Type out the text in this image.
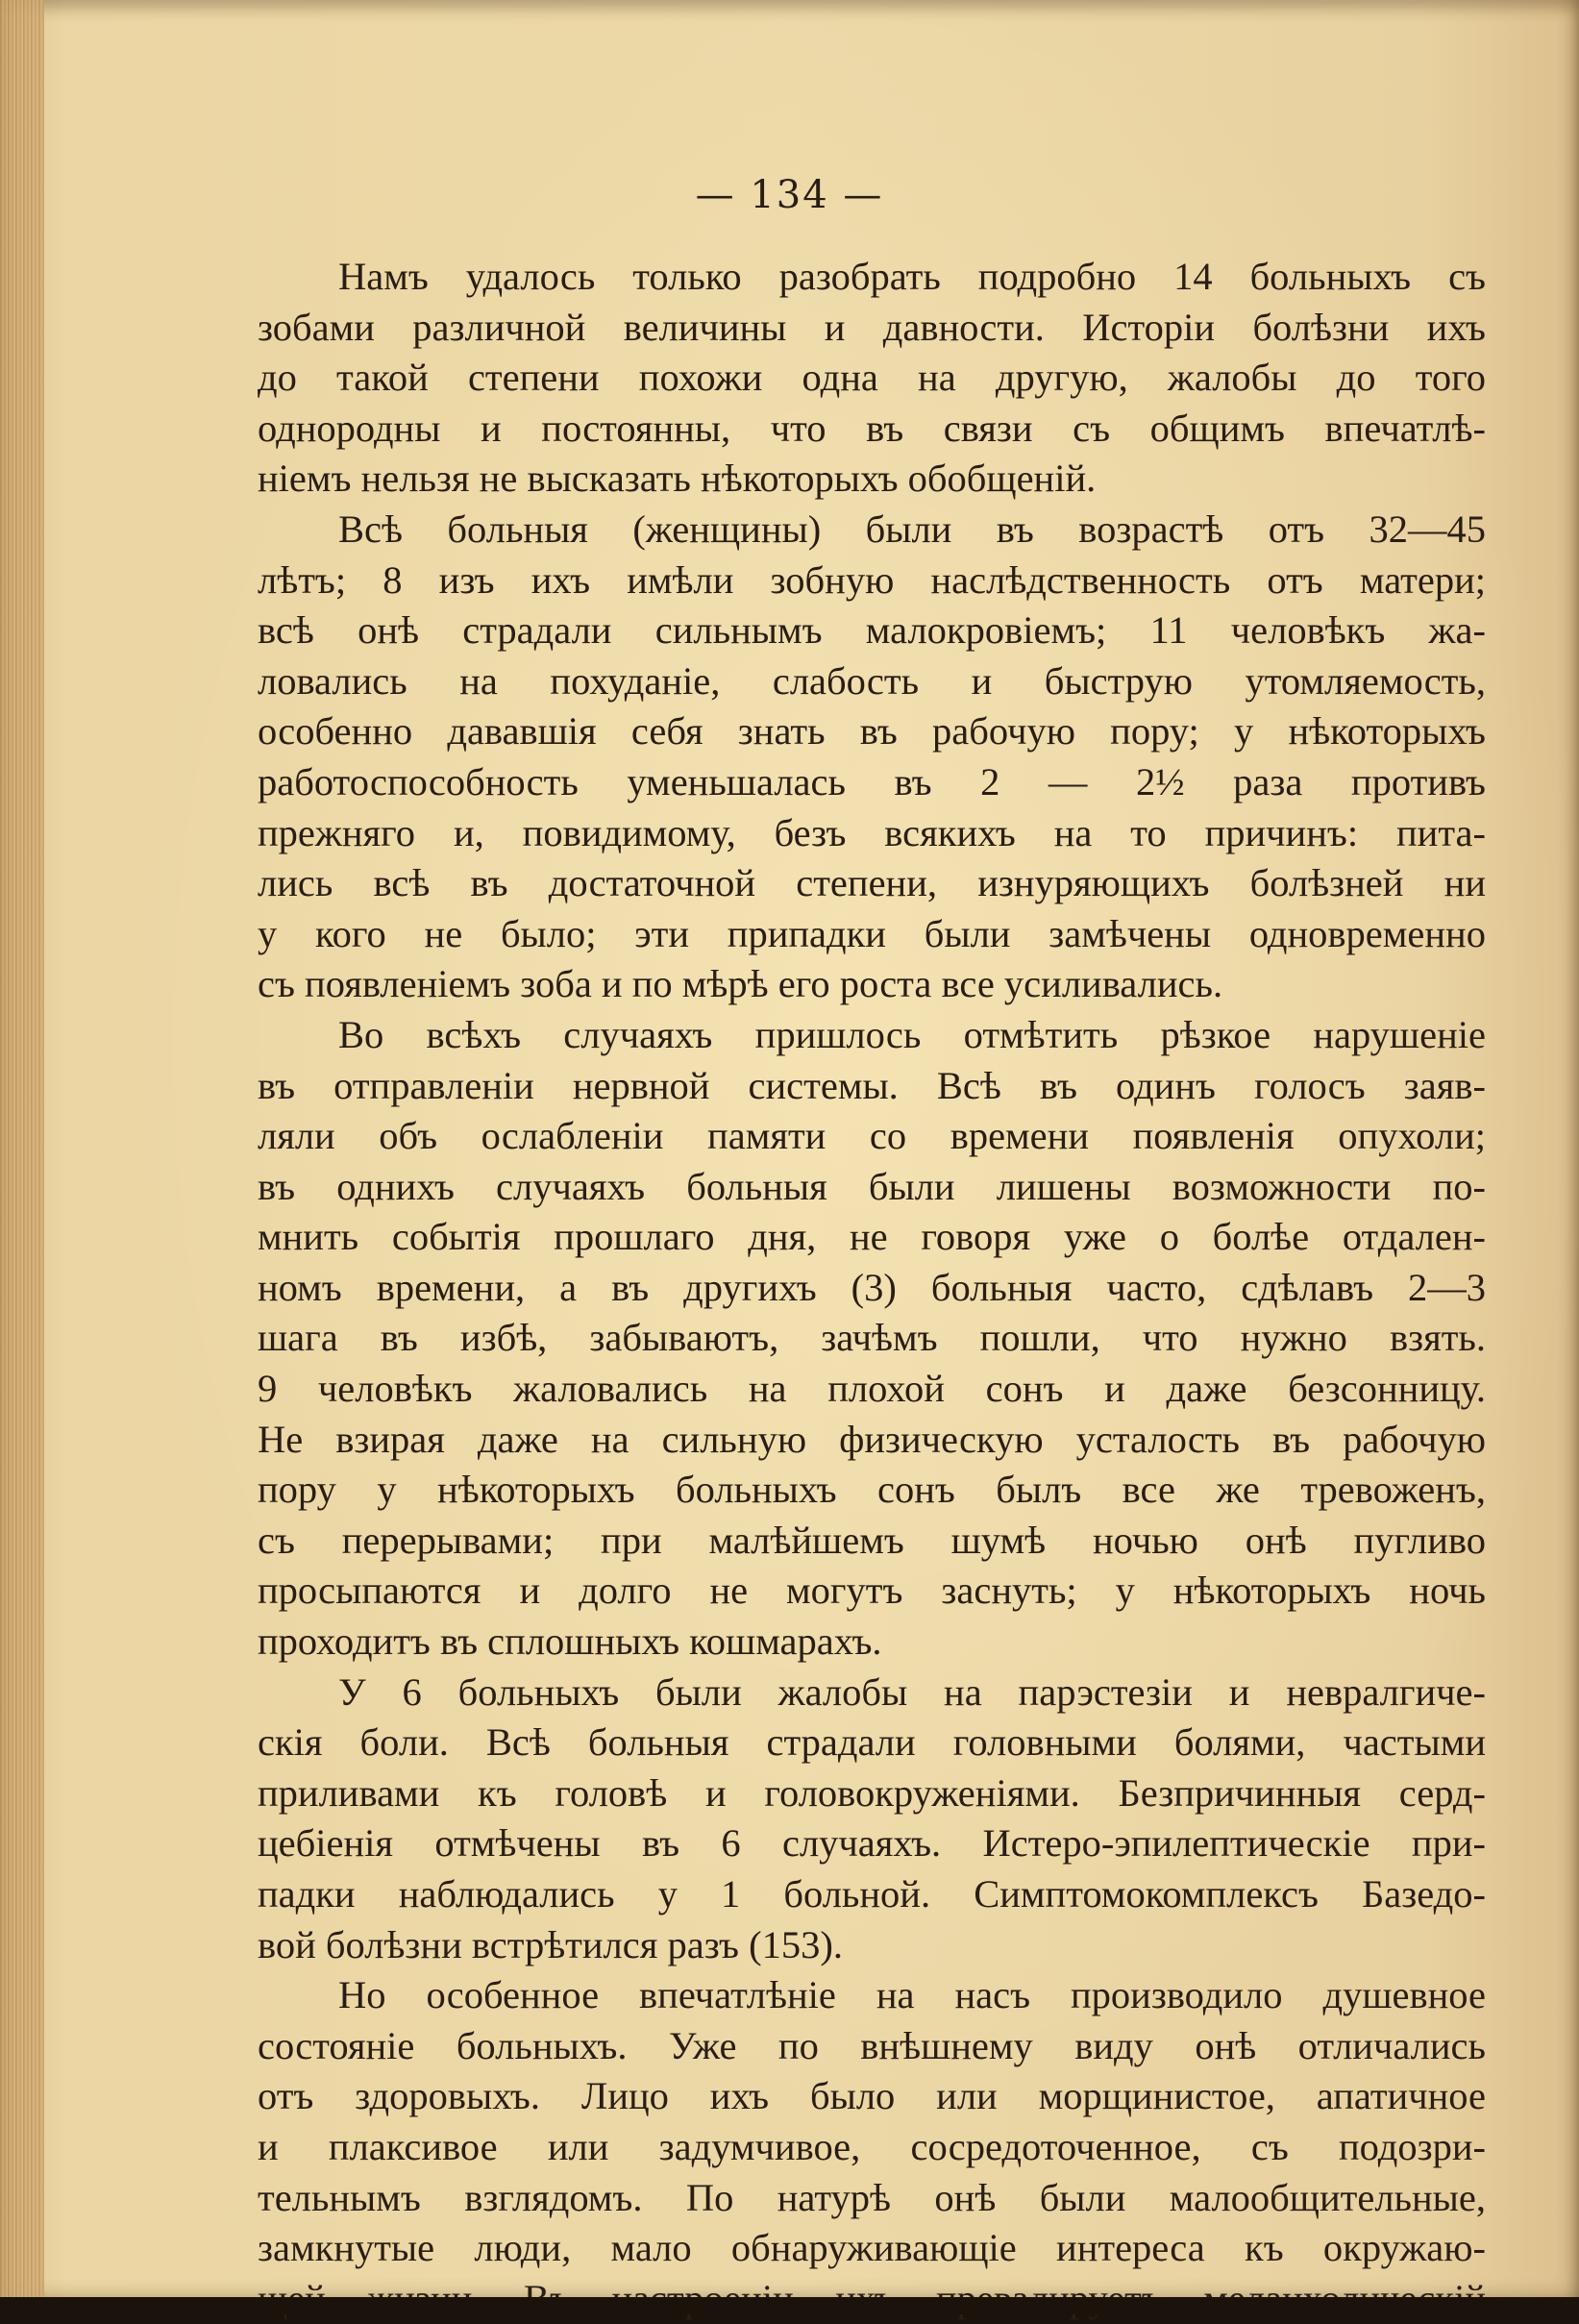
— 134 —
Намъ удалось только разобрать подробно 14 больныхъ съ
зобами различной величины и давности. Исторіи болѣзни ихъ
до такой степени похожи одна на другую, жалобы до того
однородны и постоянны, что въ связи съ общимъ впечатлѣ-
ніемъ нельзя не высказать нѣкоторыхъ обобщеній.
Всѣ больныя (женщины) были въ возрастѣ отъ 32—45
лѣтъ; 8 изъ ихъ имѣли зобную наслѣдственность отъ матери;
всѣ онѣ страдали сильнымъ малокровіемъ; 11 человѣкъ жа-
ловались на похуданіе, слабость и быструю утомляемость,
особенно дававшія себя знать въ рабочую пору; у нѣкоторыхъ
работоспособность уменьшалась въ 2 — 2½ раза противъ
прежняго и, повидимому, безъ всякихъ на то причинъ: пита-
лись всѣ въ достаточной степени, изнуряющихъ болѣзней ни
у кого не было; эти припадки были замѣчены одновременно
съ появленіемъ зоба и по мѣрѣ его роста все усиливались.
Во всѣхъ случаяхъ пришлось отмѣтить рѣзкое нарушеніе
въ отправленіи нервной системы. Всѣ въ одинъ голосъ заяв-
ляли объ ослабленіи памяти со времени появленія опухоли;
въ однихъ случаяхъ больныя были лишены возможности по-
мнить событія прошлаго дня, не говоря уже о болѣе отдален-
номъ времени, а въ другихъ (3) больныя часто, сдѣлавъ 2—3
шага въ избѣ, забываютъ, зачѣмъ пошли, что нужно взять.
9 человѣкъ жаловались на плохой сонъ и даже безсонницу.
Не взирая даже на сильную физическую усталость въ рабочую
пору у нѣкоторыхъ больныхъ сонъ былъ все же тревоженъ,
съ перерывами; при малѣйшемъ шумѣ ночью онѣ пугливо
просыпаются и долго не могутъ заснуть; у нѣкоторыхъ ночь
проходитъ въ сплошныхъ кошмарахъ.
У 6 больныхъ были жалобы на парэстезіи и невралгиче-
скія боли. Всѣ больныя страдали головными болями, частыми
приливами къ головѣ и головокруженіями. Безпричинныя серд-
цебіенія отмѣчены въ 6 случаяхъ. Истеро-эпилептическіе при-
падки наблюдались у 1 больной. Симптомокомплексъ Базедо-
вой болѣзни встрѣтился разъ (153).
Но особенное впечатлѣніе на насъ производило душевное
состояніе больныхъ. Уже по внѣшнему виду онѣ отличались
отъ здоровыхъ. Лицо ихъ было или морщинистое, апатичное
и плаксивое или задумчивое, сосредоточенное, съ подозри-
тельнымъ взглядомъ. По натурѣ онѣ были малообщительные,
замкнутые люди, мало обнаруживающіе интереса къ окружаю-
